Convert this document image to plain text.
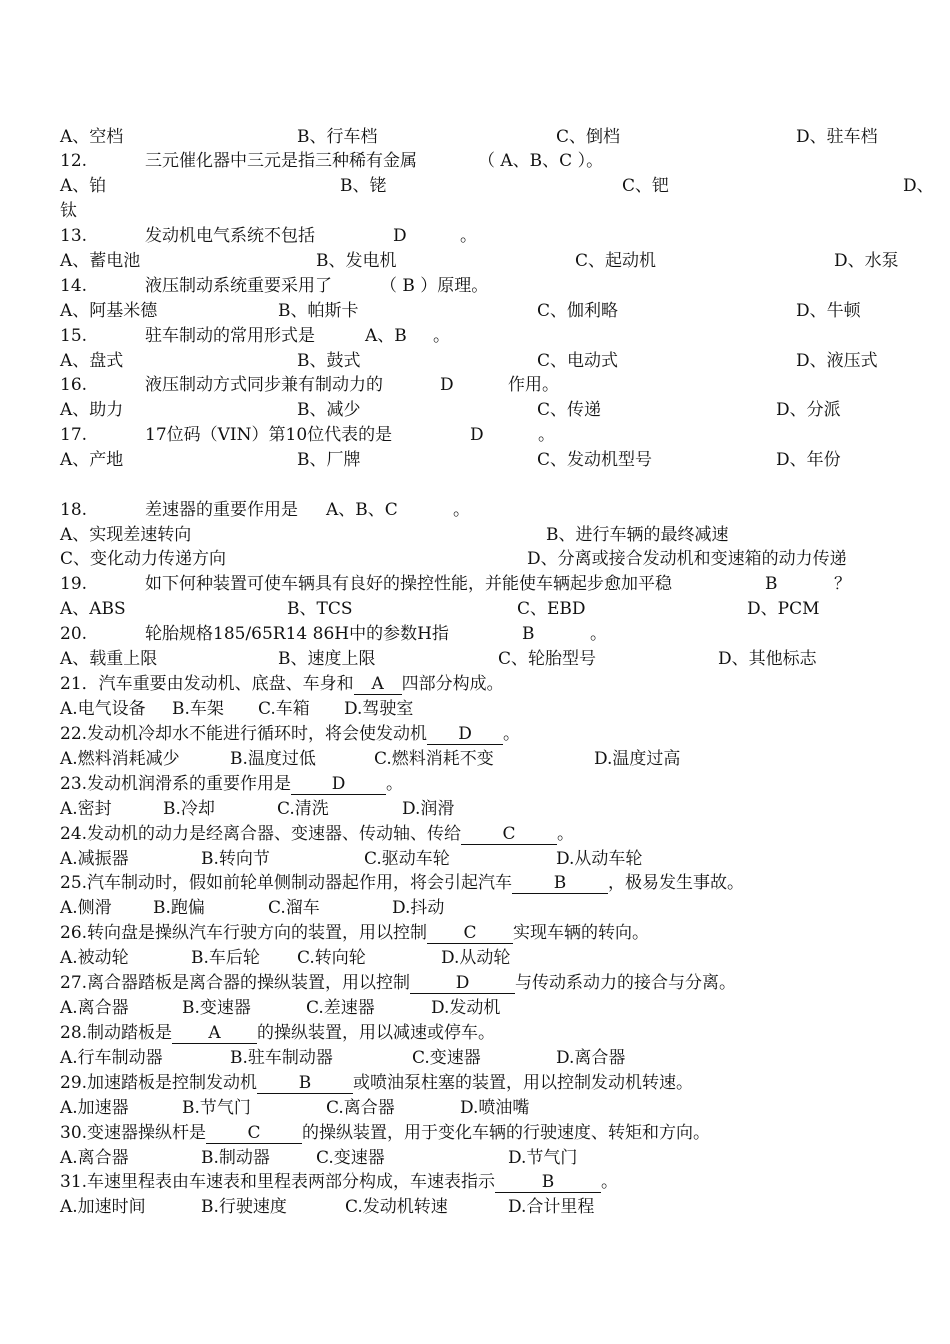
A、空档	B、行车档	C、倒档	D、驻车档
12.	三元催化器中三元是指三种稀有金属	（ A、B、C ）。
A、铂	B、铑	C、钯	D、
钛
13.	发动机电气系统不包括	D	。
A、蓄电池	B、发电机	C、起动机	D、水泵
14.	液压制动系统重要采用了	（ B ）原理。
A、阿基米德	B、帕斯卡	C、伽利略	D、牛顿
15.	驻车制动的常用形式是	A、B 。
A、盘式	B、鼓式	C、电动式	D、液压式
16.	液压制动方式同步兼有制动力的	D	作用。
A、助力	B、减少	C、传递	D、分派
17.	17位码（VIN）第10位代表的是	D	。
A、产地	B、厂牌	C、发动机型号	D、年份
18.	差速器的重要作用是 A、B、C	。
A、实现差速转向	B、进行车辆的最终减速
C、变化动力传递方向	D、分离或接合发动机和变速箱的动力传递
19.	如下何种装置可使车辆具有良好的操控性能，并能使车辆起步愈加平稳	B	？
A、ABS	B、TCS	C、EBD	D、PCM
20.	轮胎规格185/65R14 86H中的参数H指	B	。
A、载重上限	B、速度上限	C、轮胎型号	D、其他标志
21．汽车重要由发动机、底盘、车身和 A 四部分构成。
A.电气设备 B.车架 C.车箱 D.驾驶室
22.发动机冷却水不能进行循环时，将会使发动机 D 。
A.燃料消耗减少	B.温度过低	C.燃料消耗不变	D.温度过高
23.发动机润滑系的重要作用是 D 。
A.密封	B.冷却	C.清洗	D.润滑
24.发动机的动力是经离合器、变速器、传动轴、传给 C 。
A.减振器	B.转向节	C.驱动车轮	D.从动车轮
25.汽车制动时，假如前轮单侧制动器起作用，将会引起汽车 B ，极易发生事故。
A.侧滑 B.跑偏	C.溜车	D.抖动
26.转向盘是操纵汽车行驶方向的装置，用以控制 C 实现车辆的转向。
A.被动轮	B.车后轮 C.转向轮	D.从动轮
27.离合器踏板是离合器的操纵装置，用以控制	D	与传动系动力的接合与分离。
A.离合器	B.变速器	C.差速器	D.发动机
28.制动踏板是 A 的操纵装置，用以减速或停车。
A.行车制动器	B.驻车制动器	C.变速器	D.离合器
29.加速踏板是控制发动机 B 或喷油泵柱塞的装置，用以控制发动机转速。
A.加速器	B.节气门	C.离合器	D.喷油嘴
30.变速器操纵杆是 C 的操纵装置，用于变化车辆的行驶速度、转矩和方向。
A.离合器	B.制动器	C.变速器	D.节气门
31.车速里程表由车速表和里程表两部分构成，车速表指示	B	。
A.加速时间	B.行驶速度	C.发动机转速	D.合计里程
